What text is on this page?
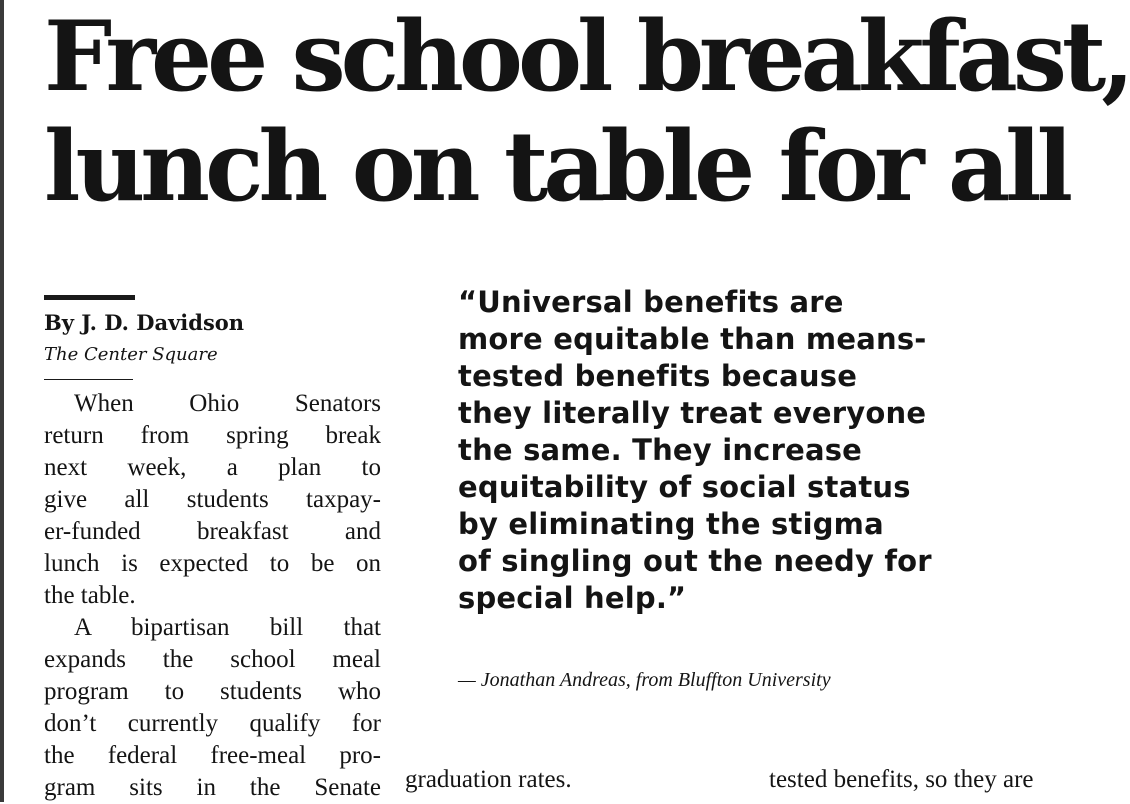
Free school breakfast,
lunch on table for all
By J. D. Davidson
The Center Square
When Ohio Senators
return from spring break
next week, a plan to
give all students taxpay-
er-funded breakfast and
lunch is expected to be on
the table.
A bipartisan bill that
expands the school meal
program to students who
don’t currently qualify for
the federal free-meal pro-
gram sits in the Senate
“Universal benefits are
more equitable than means-
tested benefits because
they literally treat everyone
the same. They increase
equitability of social status
by eliminating the stigma
of singling out the needy for
special help.”
— Jonathan Andreas, from Bluffton University
graduation rates.	tested benefits, so they are
